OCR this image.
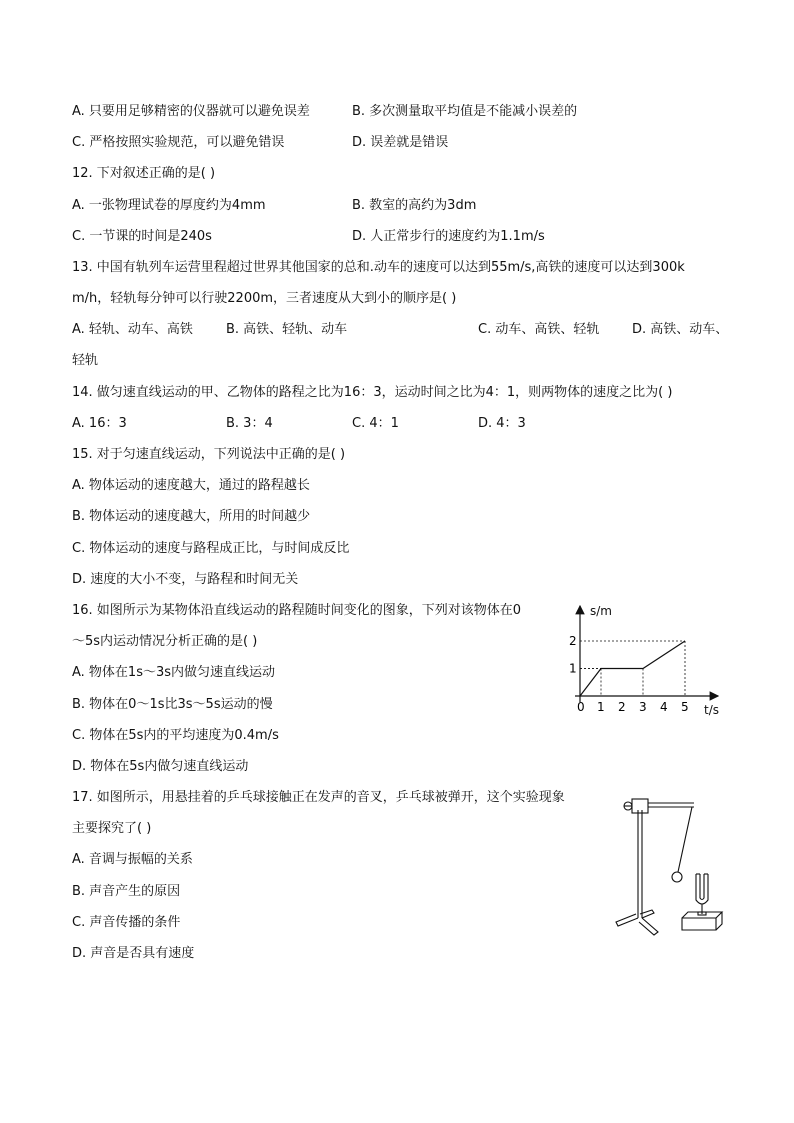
A. 只要用足够精密的仪器就可以避免误差	B. 多次测量取平均值是不能减小误差的
C. 严格按照实验规范，可以避免错误	D. 误差就是错误
12. 下对叙述正确的是( )
A. 一张物理试卷的厚度约为4mm	B. 教室的高约为3dm
C. 一节课的时间是240s	D. 人正常步行的速度约为1.1m/s
13. 中国有轨列车运营里程超过世界其他国家的总和.动车的速度可以达到55m/s,高铁的速度可以达到300k
m/h，轻轨每分钟可以行驶2200m，三者速度从大到小的顺序是( )
A. 轻轨、动车、高铁	B. 高铁、轻轨、动车	C. 动车、高铁、轻轨	D. 高铁、动车、
轻轨
14. 做匀速直线运动的甲、乙物体的路程之比为16：3，运动时间之比为4：1，则两物体的速度之比为( )
A. 16：3	B. 3：4	C. 4：1	D. 4：3
15. 对于匀速直线运动，下列说法中正确的是( )
A. 物体运动的速度越大，通过的路程越长
B. 物体运动的速度越大，所用的时间越少
C. 物体运动的速度与路程成正比，与时间成反比
D. 速度的大小不变，与路程和时间无关
16. 如图所示为某物体沿直线运动的路程随时间变化的图象，下列对该物体在0
～5s内运动情况分析正确的是( )
A. 物体在1s～3s内做匀速直线运动
B. 物体在0～1s比3s～5s运动的慢
C. 物体在5s内的平均速度为0.4m/s
D. 物体在5s内做匀速直线运动
s/m
t/s
0 1 2 3 4 5
1
2
17. 如图所示，用悬挂着的乒乓球接触正在发声的音叉，乒乓球被弹开，这个实验现象
主要探究了( )
A. 音调与振幅的关系
B. 声音产生的原因
C. 声音传播的条件
D. 声音是否具有速度
